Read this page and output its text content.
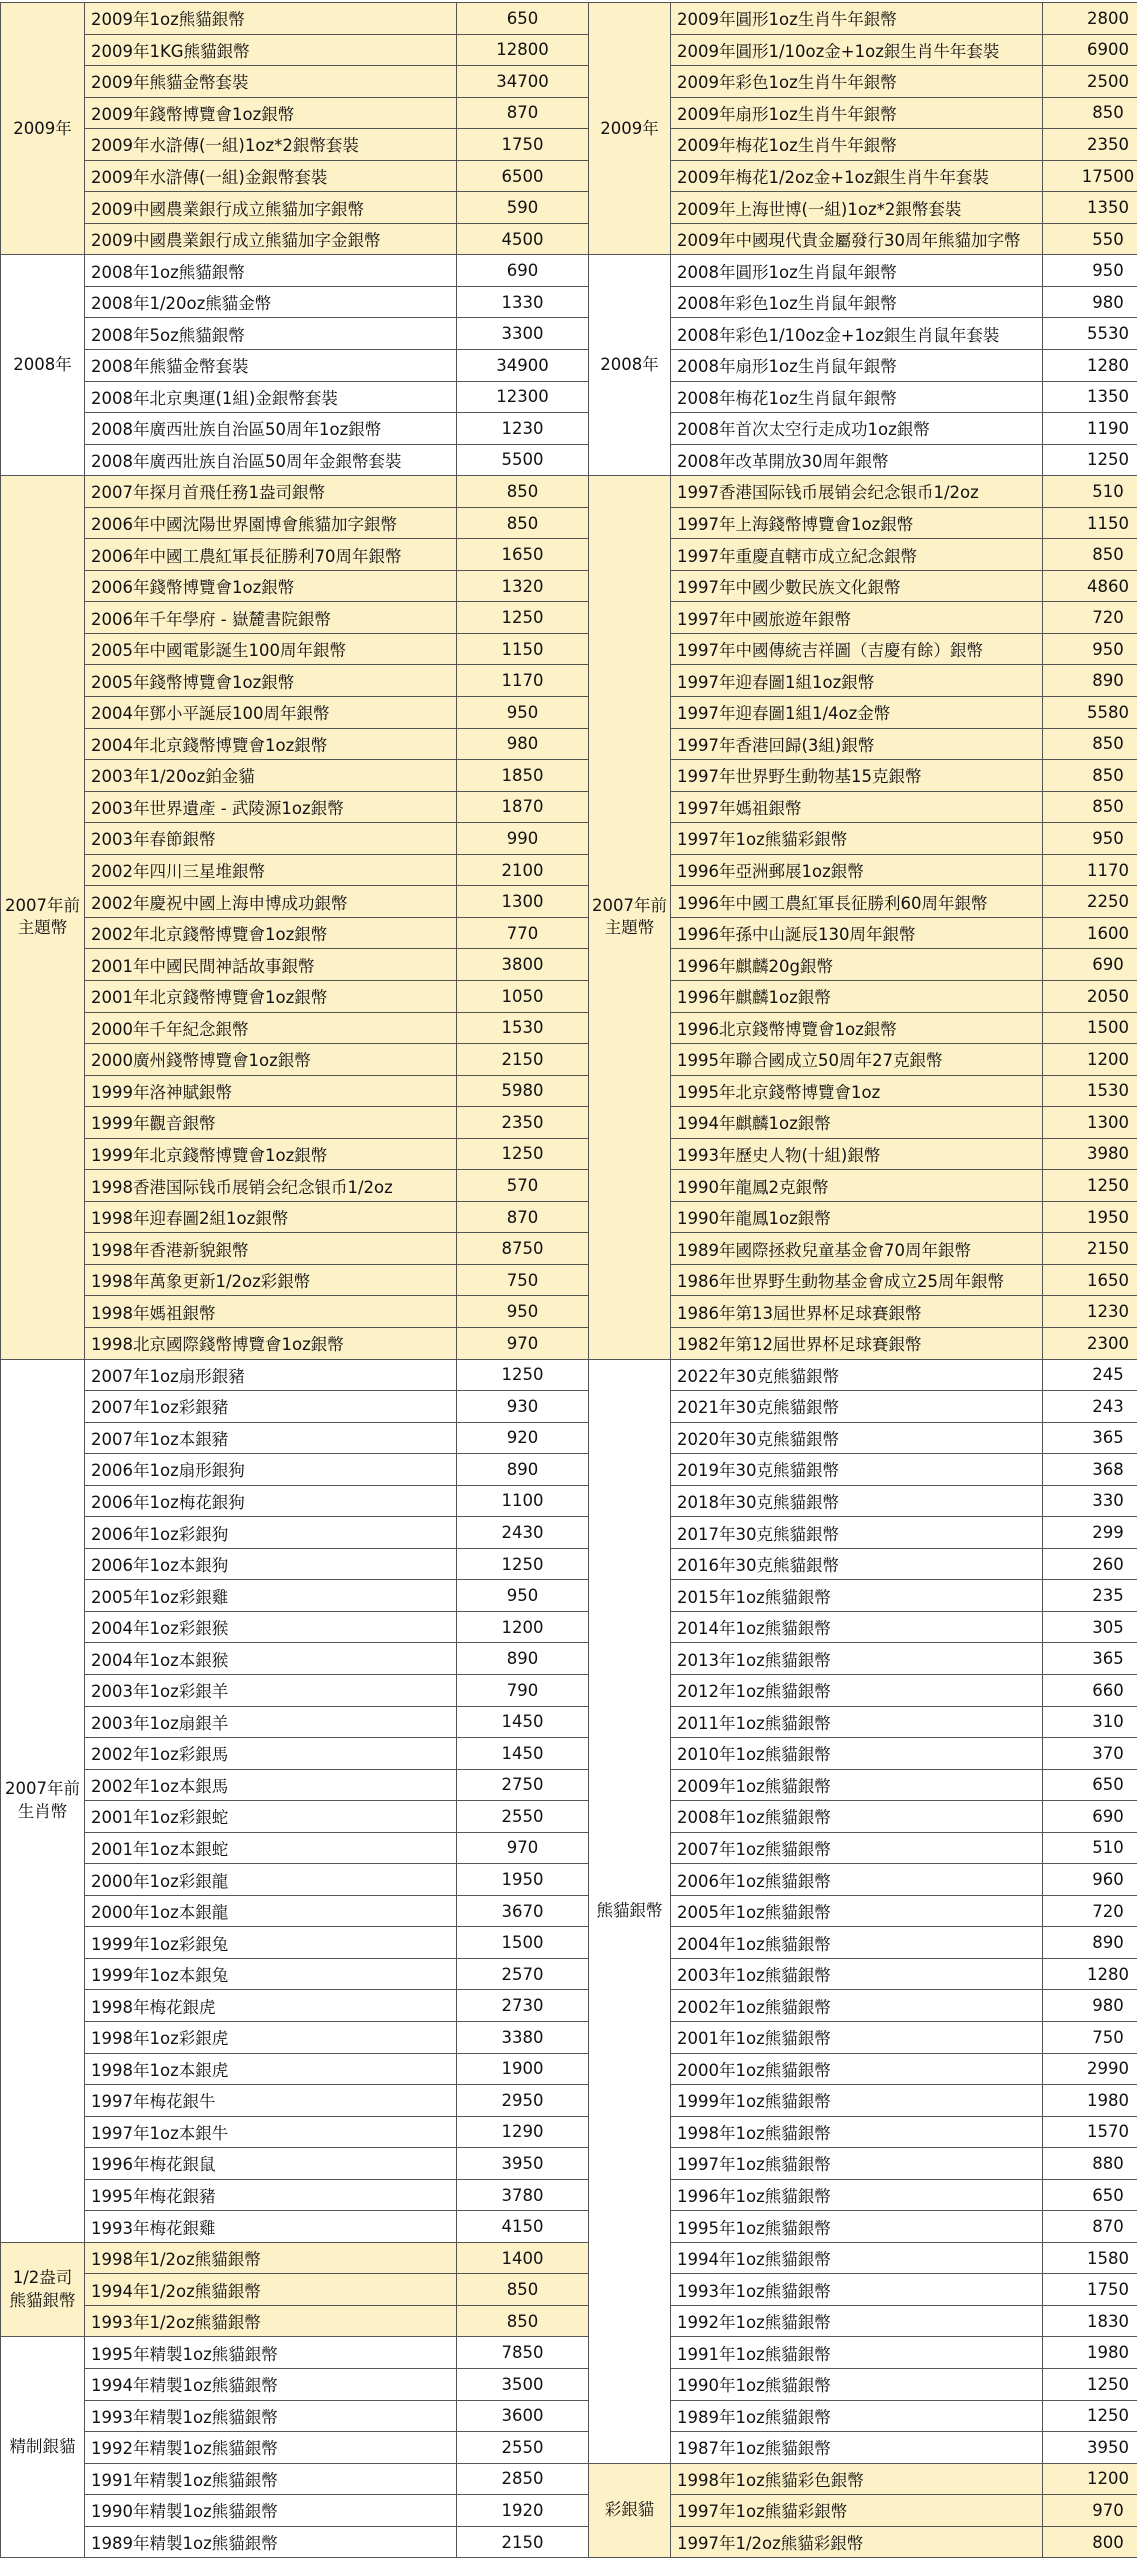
2009年
2009年1oz熊貓銀幣	650
2009年1KG熊貓銀幣	12800
2009年熊貓金幣套裝	34700
2009年錢幣博覽會1oz銀幣	870
2009年水滸傳(一組)1oz*2銀幣套裝	1750
2009年水滸傳(一組)金銀幣套裝	6500
2009中國農業銀行成立熊貓加字銀幣	590
2009中國農業銀行成立熊貓加字金銀幣	4500
2008年
2008年1oz熊貓銀幣	690
2008年1/20oz熊貓金幣	1330
2008年5oz熊貓銀幣	3300
2008年熊貓金幣套裝	34900
2008年北京奧運(1組)金銀幣套裝	12300
2008年廣西壯族自治區50周年1oz銀幣	1230
2008年廣西壯族自治區50周年金銀幣套裝	5500
2007年前
主題幣
2007年探月首飛任務1盎司銀幣	850
2006年中國沈陽世界園博會熊貓加字銀幣	850
2006年中國工農紅軍長征勝利70周年銀幣	1650
2006年錢幣博覽會1oz銀幣	1320
2006年千年學府 - 嶽麓書院銀幣	1250
2005年中國電影誕生100周年銀幣	1150
2005年錢幣博覽會1oz銀幣	1170
2004年鄧小平誕辰100周年銀幣	950
2004年北京錢幣博覽會1oz銀幣	980
2003年1/20oz鉑金貓	1850
2003年世界遺產 - 武陵源1oz銀幣	1870
2003年春節銀幣	990
2002年四川三星堆銀幣	2100
2002年慶祝中國上海申博成功銀幣	1300
2002年北京錢幣博覽會1oz銀幣	770
2001年中國民間神話故事銀幣	3800
2001年北京錢幣博覽會1oz銀幣	1050
2000年千年紀念銀幣	1530
2000廣州錢幣博覽會1oz銀幣	2150
1999年洛神賦銀幣	5980
1999年觀音銀幣	2350
1999年北京錢幣博覽會1oz銀幣	1250
1998香港国际钱币展销会纪念银币1/2oz	570
1998年迎春圖2組1oz銀幣	870
1998年香港新貌銀幣	8750
1998年萬象更新1/2oz彩銀幣	750
1998年媽祖銀幣	950
1998北京國際錢幣博覽會1oz銀幣	970
2007年前
生肖幣
2007年1oz扇形銀豬	1250
2007年1oz彩銀豬	930
2007年1oz本銀豬	920
2006年1oz扇形銀狗	890
2006年1oz梅花銀狗	1100
2006年1oz彩銀狗	2430
2006年1oz本銀狗	1250
2005年1oz彩銀雞	950
2004年1oz彩銀猴	1200
2004年1oz本銀猴	890
2003年1oz彩銀羊	790
2003年1oz扇銀羊	1450
2002年1oz彩銀馬	1450
2002年1oz本銀馬	2750
2001年1oz彩銀蛇	2550
2001年1oz本銀蛇	970
2000年1oz彩銀龍	1950
2000年1oz本銀龍	3670
1999年1oz彩銀兔	1500
1999年1oz本銀兔	2570
1998年梅花銀虎	2730
1998年1oz彩銀虎	3380
1998年1oz本銀虎	1900
1997年梅花銀牛	2950
1997年1oz本銀牛	1290
1996年梅花銀鼠	3950
1995年梅花銀豬	3780
1993年梅花銀雞	4150
1/2盎司
熊貓銀幣
1998年1/2oz熊貓銀幣	1400
1994年1/2oz熊貓銀幣	850
1993年1/2oz熊貓銀幣	850
精制銀貓
1995年精製1oz熊貓銀幣	7850
1994年精製1oz熊貓銀幣	3500
1993年精製1oz熊貓銀幣	3600
1992年精製1oz熊貓銀幣	2550
1991年精製1oz熊貓銀幣	2850
1990年精製1oz熊貓銀幣	1920
1989年精製1oz熊貓銀幣	2150
2009年
2009年圓形1oz生肖牛年銀幣	2800
2009年圓形1/10oz金+1oz銀生肖牛年套裝	6900
2009年彩色1oz生肖牛年銀幣	2500
2009年扇形1oz生肖牛年銀幣	850
2009年梅花1oz生肖牛年銀幣	2350
2009年梅花1/2oz金+1oz銀生肖牛年套裝	17500
2009年上海世博(一組)1oz*2銀幣套裝	1350
2009年中國現代貴金屬發行30周年熊貓加字幣	550
2008年
2008年圓形1oz生肖鼠年銀幣	950
2008年彩色1oz生肖鼠年銀幣	980
2008年彩色1/10oz金+1oz銀生肖鼠年套裝	5530
2008年扇形1oz生肖鼠年銀幣	1280
2008年梅花1oz生肖鼠年銀幣	1350
2008年首次太空行走成功1oz銀幣	1190
2008年改革開放30周年銀幣	1250
2007年前
主題幣
1997香港国际钱币展销会纪念银币1/2oz	510
1997年上海錢幣博覽會1oz銀幣	1150
1997年重慶直轄市成立紀念銀幣	850
1997年中國少數民族文化銀幣	4860
1997年中國旅遊年銀幣	720
1997年中國傳統吉祥圖（吉慶有餘）銀幣	950
1997年迎春圖1組1oz銀幣	890
1997年迎春圖1組1/4oz金幣	5580
1997年香港回歸(3組)銀幣	850
1997年世界野生動物基15克銀幣	850
1997年媽祖銀幣	850
1997年1oz熊貓彩銀幣	950
1996年亞洲郵展1oz銀幣	1170
1996年中國工農紅軍長征勝利60周年銀幣	2250
1996年孫中山誕辰130周年銀幣	1600
1996年麒麟20g銀幣	690
1996年麒麟1oz銀幣	2050
1996北京錢幣博覽會1oz銀幣	1500
1995年聯合國成立50周年27克銀幣	1200
1995年北京錢幣博覽會1oz	1530
1994年麒麟1oz銀幣	1300
1993年歷史人物(十組)銀幣	3980
1990年龍鳳2克銀幣	1250
1990年龍鳳1oz銀幣	1950
1989年國際拯救兒童基金會70周年銀幣	2150
1986年世界野生動物基金會成立25周年銀幣	1650
1986年第13屆世界杯足球賽銀幣	1230
1982年第12屆世界杯足球賽銀幣	2300
熊貓銀幣
2022年30克熊貓銀幣	245
2021年30克熊貓銀幣	243
2020年30克熊貓銀幣	365
2019年30克熊貓銀幣	368
2018年30克熊貓銀幣	330
2017年30克熊貓銀幣	299
2016年30克熊貓銀幣	260
2015年1oz熊貓銀幣	235
2014年1oz熊貓銀幣	305
2013年1oz熊貓銀幣	365
2012年1oz熊貓銀幣	660
2011年1oz熊貓銀幣	310
2010年1oz熊貓銀幣	370
2009年1oz熊貓銀幣	650
2008年1oz熊貓銀幣	690
2007年1oz熊貓銀幣	510
2006年1oz熊貓銀幣	960
2005年1oz熊貓銀幣	720
2004年1oz熊貓銀幣	890
2003年1oz熊貓銀幣	1280
2002年1oz熊貓銀幣	980
2001年1oz熊貓銀幣	750
2000年1oz熊貓銀幣	2990
1999年1oz熊貓銀幣	1980
1998年1oz熊貓銀幣	1570
1997年1oz熊貓銀幣	880
1996年1oz熊貓銀幣	650
1995年1oz熊貓銀幣	870
1994年1oz熊貓銀幣	1580
1993年1oz熊貓銀幣	1750
1992年1oz熊貓銀幣	1830
1991年1oz熊貓銀幣	1980
1990年1oz熊貓銀幣	1250
1989年1oz熊貓銀幣	1250
1987年1oz熊貓銀幣	3950
彩銀貓
1998年1oz熊貓彩色銀幣	1200
1997年1oz熊貓彩銀幣	970
1997年1/2oz熊貓彩銀幣	800
